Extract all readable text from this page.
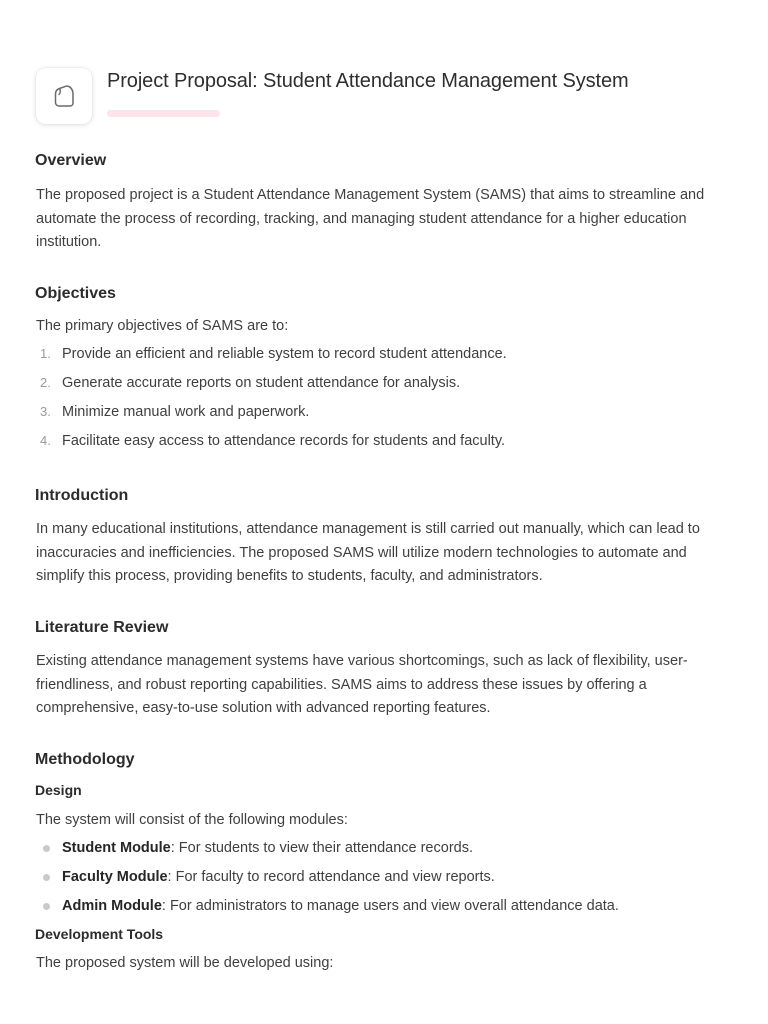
Project Proposal: Student Attendance Management System
Overview

The proposed project is a Student Attendance Management System (SAMS) that aims to streamline and automate the process of recording, tracking, and managing student attendance for a higher education institution.

Objectives

The primary objectives of SAMS are to:

1. Provide an efficient and reliable system to record student attendance.
2. Generate accurate reports on student attendance for analysis.
3. Minimize manual work and paperwork.
4. Facilitate easy access to attendance records for students and faculty.
Introduction

In many educational institutions, attendance management is still carried out manually, which can lead to inaccuracies and inefficiencies. The proposed SAMS will utilize modern technologies to automate and simplify this process, providing benefits to students, faculty, and administrators.

Literature Review

Existing attendance management systems have various shortcomings, such as lack of flexibility, user-friendliness, and robust reporting capabilities. SAMS aims to address these issues by offering a comprehensive, easy-to-use solution with advanced reporting features.

Methodology
Design

The system will consist of the following modules:

Student Module: For students to view their attendance records.
Faculty Module: For faculty to record attendance and view reports.
Admin Module: For administrators to manage users and view overall attendance data.
Development Tools

The proposed system will be developed using:
